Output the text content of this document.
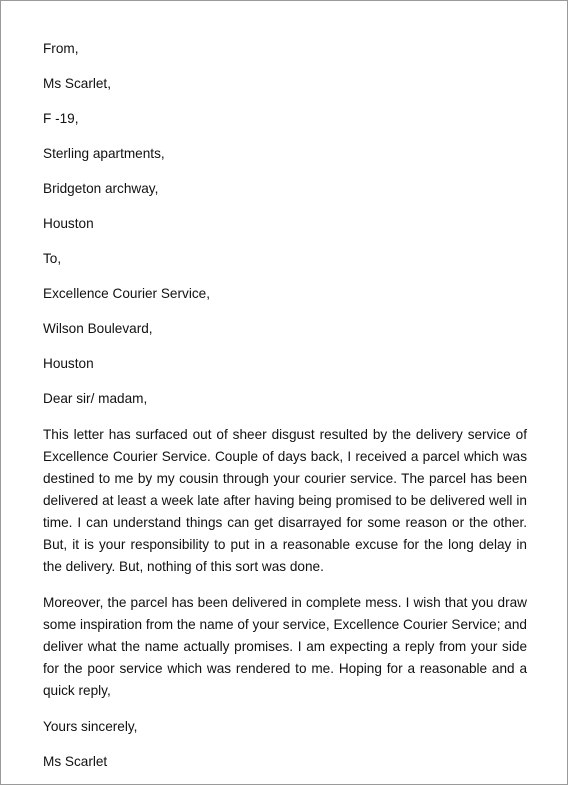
From,
Ms Scarlet,
F -19,
Sterling apartments,
Bridgeton archway,
Houston
To,
Excellence Courier Service,
Wilson Boulevard,
Houston
Dear sir/ madam,

This letter has surfaced out of sheer disgust resulted by the delivery service of Excellence Courier Service. Couple of days back, I received a parcel which was destined to me by my cousin through your courier service. The parcel has been delivered at least a week late after having being promised to be delivered well in time. I can understand things can get disarrayed for some reason or the other. But, it is your responsibility to put in a reasonable excuse for the long delay in the delivery. But, nothing of this sort was done.

Moreover, the parcel has been delivered in complete mess. I wish that you draw some inspiration from the name of your service, Excellence Courier Service; and deliver what the name actually promises. I am expecting a reply from your side for the poor service which was rendered to me. Hoping for a reasonable and a quick reply,

Yours sincerely,
Ms Scarlet
